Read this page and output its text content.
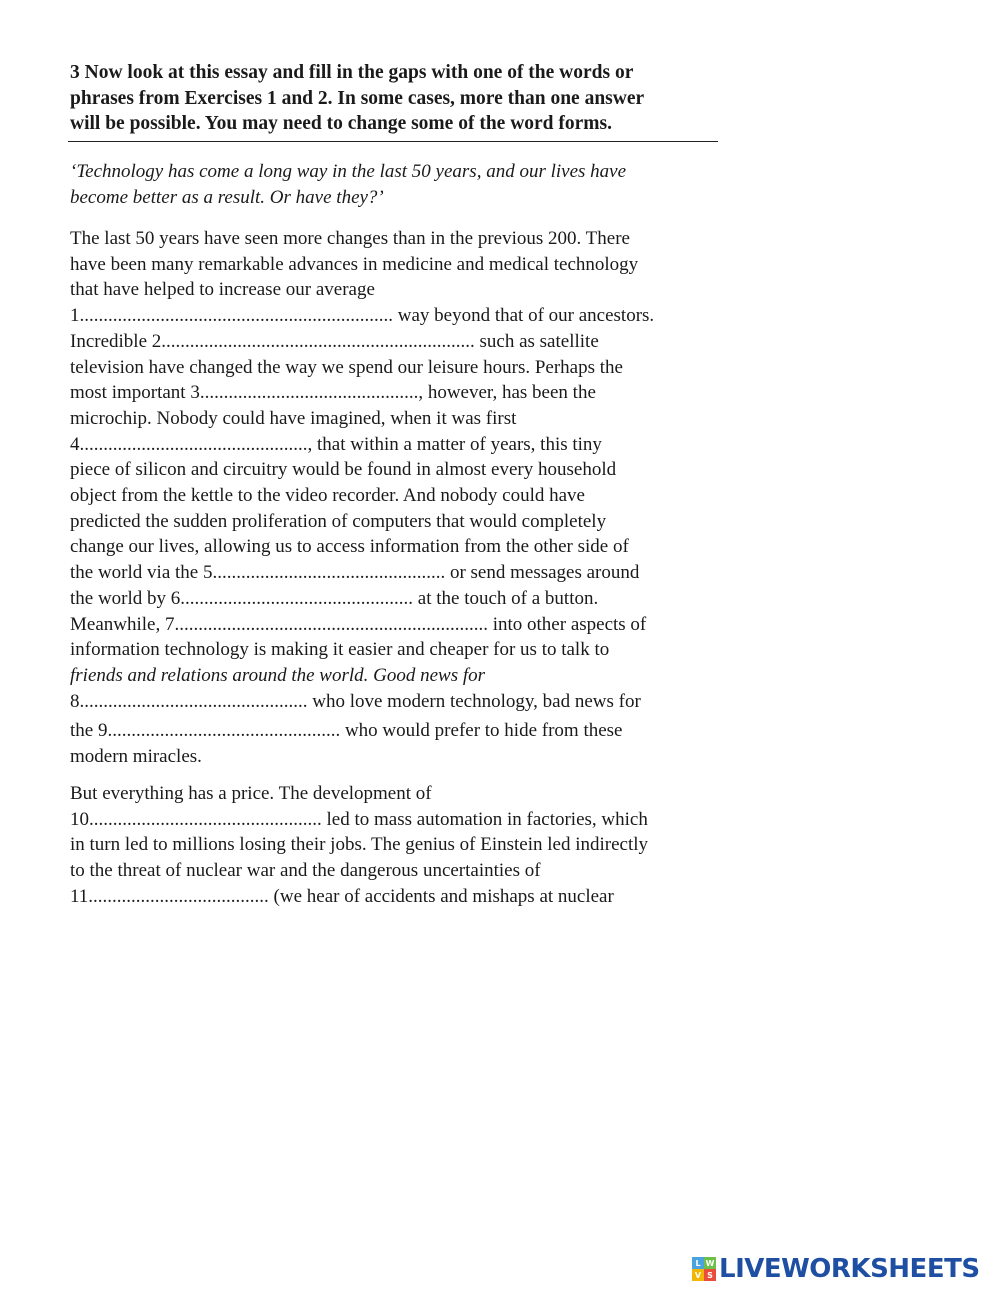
3 Now look at this essay and fill in the gaps with one of the words or
phrases from Exercises 1 and 2. In some cases, more than one answer
will be possible. You may need to change some of the word forms.
‘Technology has come a long way in the last 50 years, and our lives have
become better as a result. Or have they?’
The last 50 years have seen more changes than in the previous 200. There
have been many remarkable advances in medicine and medical technology
that have helped to increase our average
1.................................................................. way beyond that of our ancestors.
Incredible 2.................................................................. such as satellite
television have changed the way we spend our leisure hours. Perhaps the
most important 3.............................................., however, has been the
microchip. Nobody could have imagined, when it was first
4................................................, that within a matter of years, this tiny
piece of silicon and circuitry would be found in almost every household
object from the kettle to the video recorder. And nobody could have
predicted the sudden proliferation of computers that would completely
change our lives, allowing us to access information from the other side of
the world via the 5................................................. or send messages around
the world by 6................................................. at the touch of a button.
Meanwhile, 7.................................................................. into other aspects of
information technology is making it easier and cheaper for us to talk to
friends and relations around the world. Good news for
8................................................ who love modern technology, bad news for
the 9................................................. who would prefer to hide from these
modern miracles.
But everything has a price. The development of
10................................................. led to mass automation in factories, which
in turn led to millions losing their jobs. The genius of Einstein led indirectly
to the threat of nuclear war and the dangerous uncertainties of
11...................................... (we hear of accidents and mishaps at nuclear
L W
V S LIVEWORKSHEETS
